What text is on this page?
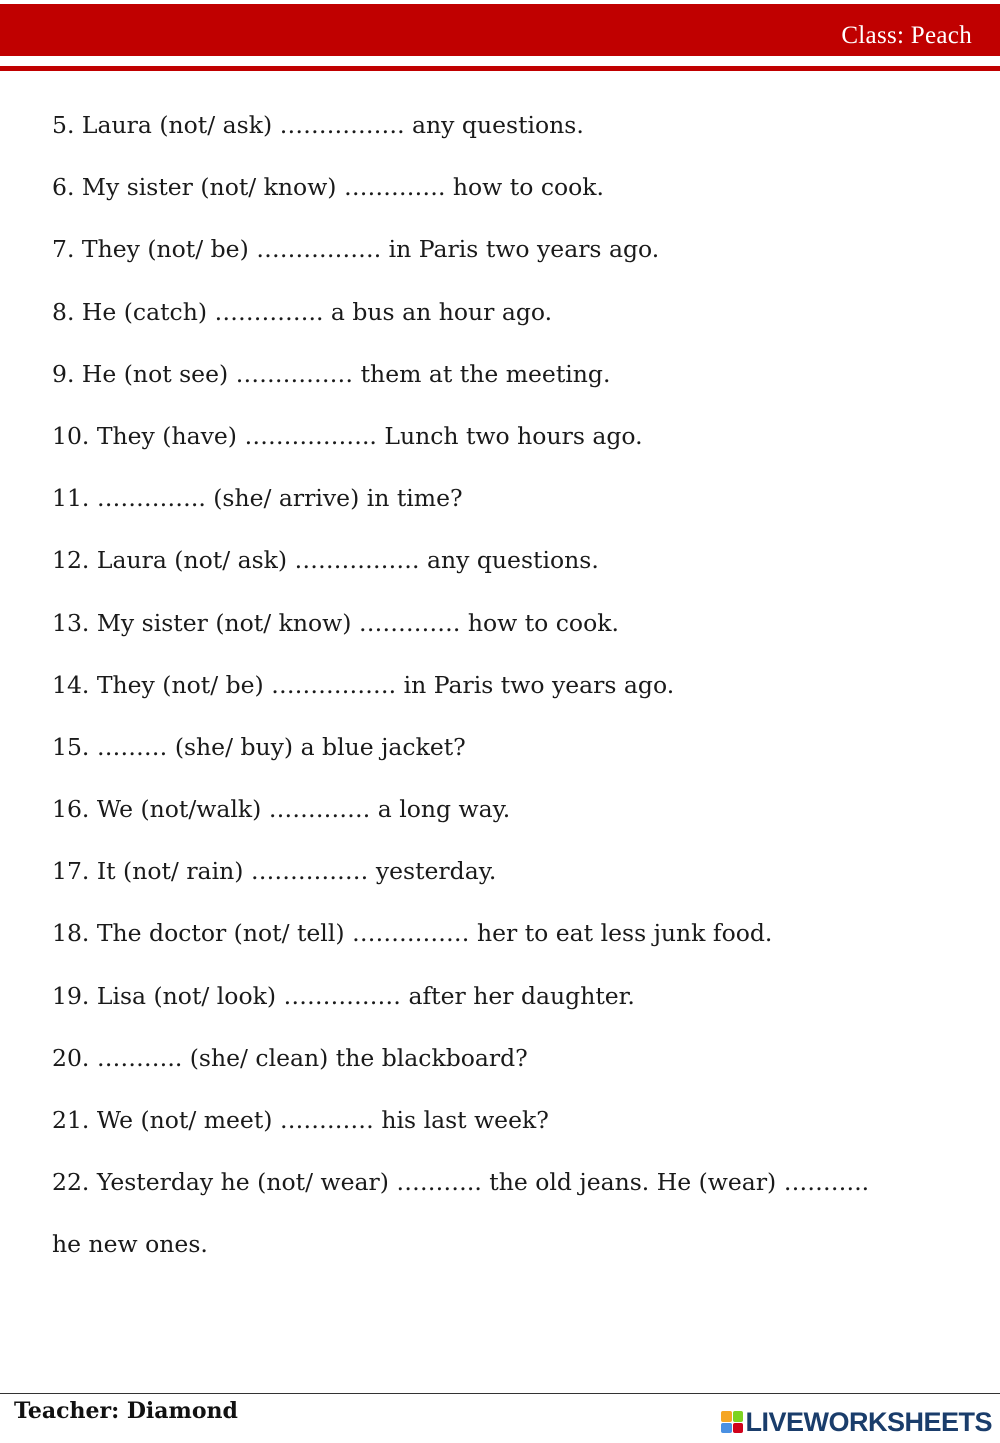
Class: Peach
5. Laura (not/ ask) ……………. any questions.
6. My sister (not/ know) …………. how to cook.
7. They (not/ be) ……………. in Paris two years ago.
8. He (catch) ………….. a bus an hour ago.
9. He (not see) …………… them at the meeting.
10. They (have) …………….. Lunch two hours ago.
11. ………….. (she/ arrive) in time?
12. Laura (not/ ask) ……………. any questions.
13. My sister (not/ know) …………. how to cook.
14. They (not/ be) ……………. in Paris two years ago.
15. ……… (she/ buy) a blue jacket?
16. We (not/walk) …………. a long way.
17. It (not/ rain) …………… yesterday.
18. The doctor (not/ tell) …………… her to eat less junk food.
19. Lisa (not/ look) …………… after her daughter.
20. ……….. (she/ clean) the blackboard?
21. We (not/ meet) ………… his last week?
22. Yesterday he (not/ wear) ……….. the old jeans. He (wear) ………..
he new ones.
Teacher: Diamond	LIVEWORKSHEETS
